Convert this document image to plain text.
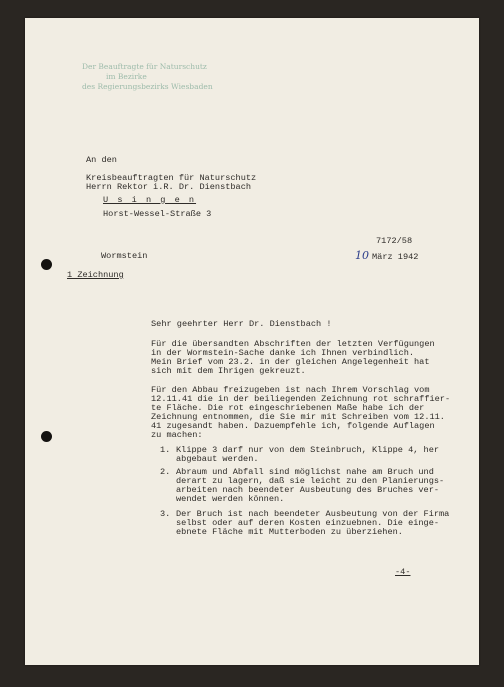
Der Beauftragte für Naturschutz
im Bezirke
des Regierungsbezirks Wiesbaden
An den
Kreisbeauftragten für Naturschutz
Herrn Rektor i.R. Dr. Dienstbach
U s i n g e n
Horst-Wessel-Straße 3
7172/58
Wormstein	10 März 1942
1 Zeichnung
Sehr geehrter Herr Dr. Dienstbach !
Für die übersandten Abschriften der letzten Verfügungen
in der Wormstein-Sache danke ich Ihnen verbindlich.
Mein Brief vom 23.2. in der gleichen Angelegenheit hat
sich mit dem Ihrigen gekreuzt.
Für den Abbau freizugeben ist nach Ihrem Vorschlag vom
12.11.41 die in der beiliegenden Zeichnung rot schraffier-
te Fläche. Die rot eingeschriebenen Maße habe ich der
Zeichnung entnommen, die Sie mir mit Schreiben vom 12.11.
41 zugesandt haben. Dazuempfehle ich, folgende Auflagen
zu machen:
1. Klippe 3 darf nur von dem Steinbruch, Klippe 4, her
abgebaut werden.
2. Abraum und Abfall sind möglichst nahe am Bruch und
derart zu lagern, daß sie leicht zu den Planierungs-
arbeiten nach beendeter Ausbeutung des Bruches ver-
wendet werden können.
3. Der Bruch ist nach beendeter Ausbeutung von der Firma
selbst oder auf deren Kosten einzuebnen. Die einge-
ebnete Fläche mit Mutterboden zu überziehen.
-4-
